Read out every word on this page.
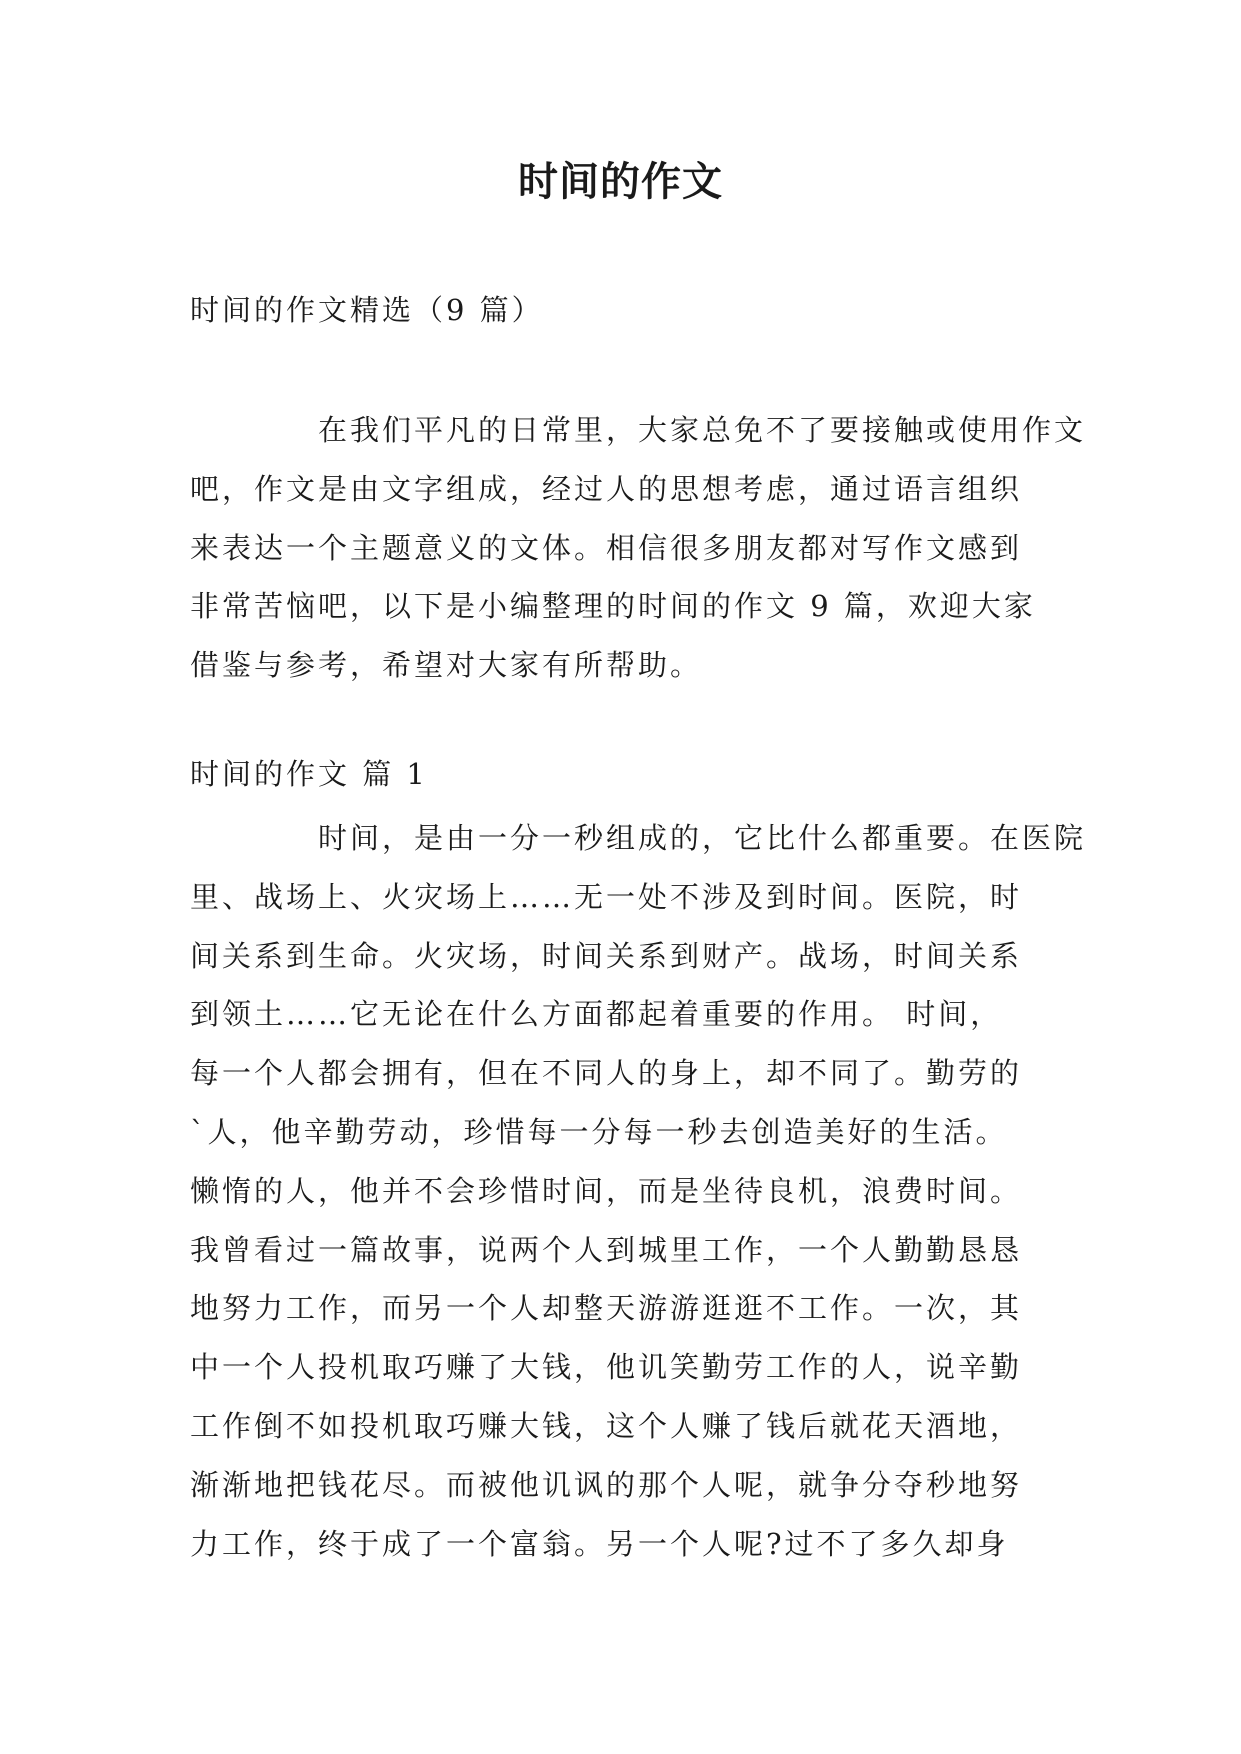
时间的作文
时间的作文精选（9 篇）
在我们平凡的日常里，大家总免不了要接触或使用作文
吧，作文是由文字组成，经过人的思想考虑，通过语言组织
来表达一个主题意义的文体。相信很多朋友都对写作文感到
非常苦恼吧，以下是小编整理的时间的作文 9 篇，欢迎大家
借鉴与参考，希望对大家有所帮助。
时间的作文 篇 1
时间，是由一分一秒组成的，它比什么都重要。在医院
里、战场上、火灾场上……无一处不涉及到时间。医院，时
间关系到生命。火灾场，时间关系到财产。战场，时间关系
到领土……它无论在什么方面都起着重要的作用。 时间，
每一个人都会拥有，但在不同人的身上，却不同了。勤劳的
`人，他辛勤劳动，珍惜每一分每一秒去创造美好的生活。
懒惰的人，他并不会珍惜时间，而是坐待良机，浪费时间。
我曾看过一篇故事，说两个人到城里工作，一个人勤勤恳恳
地努力工作，而另一个人却整天游游逛逛不工作。一次，其
中一个人投机取巧赚了大钱，他讥笑勤劳工作的人，说辛勤
工作倒不如投机取巧赚大钱，这个人赚了钱后就花天酒地，
渐渐地把钱花尽。而被他讥讽的那个人呢，就争分夺秒地努
力工作，终于成了一个富翁。另一个人呢?过不了多久却身
